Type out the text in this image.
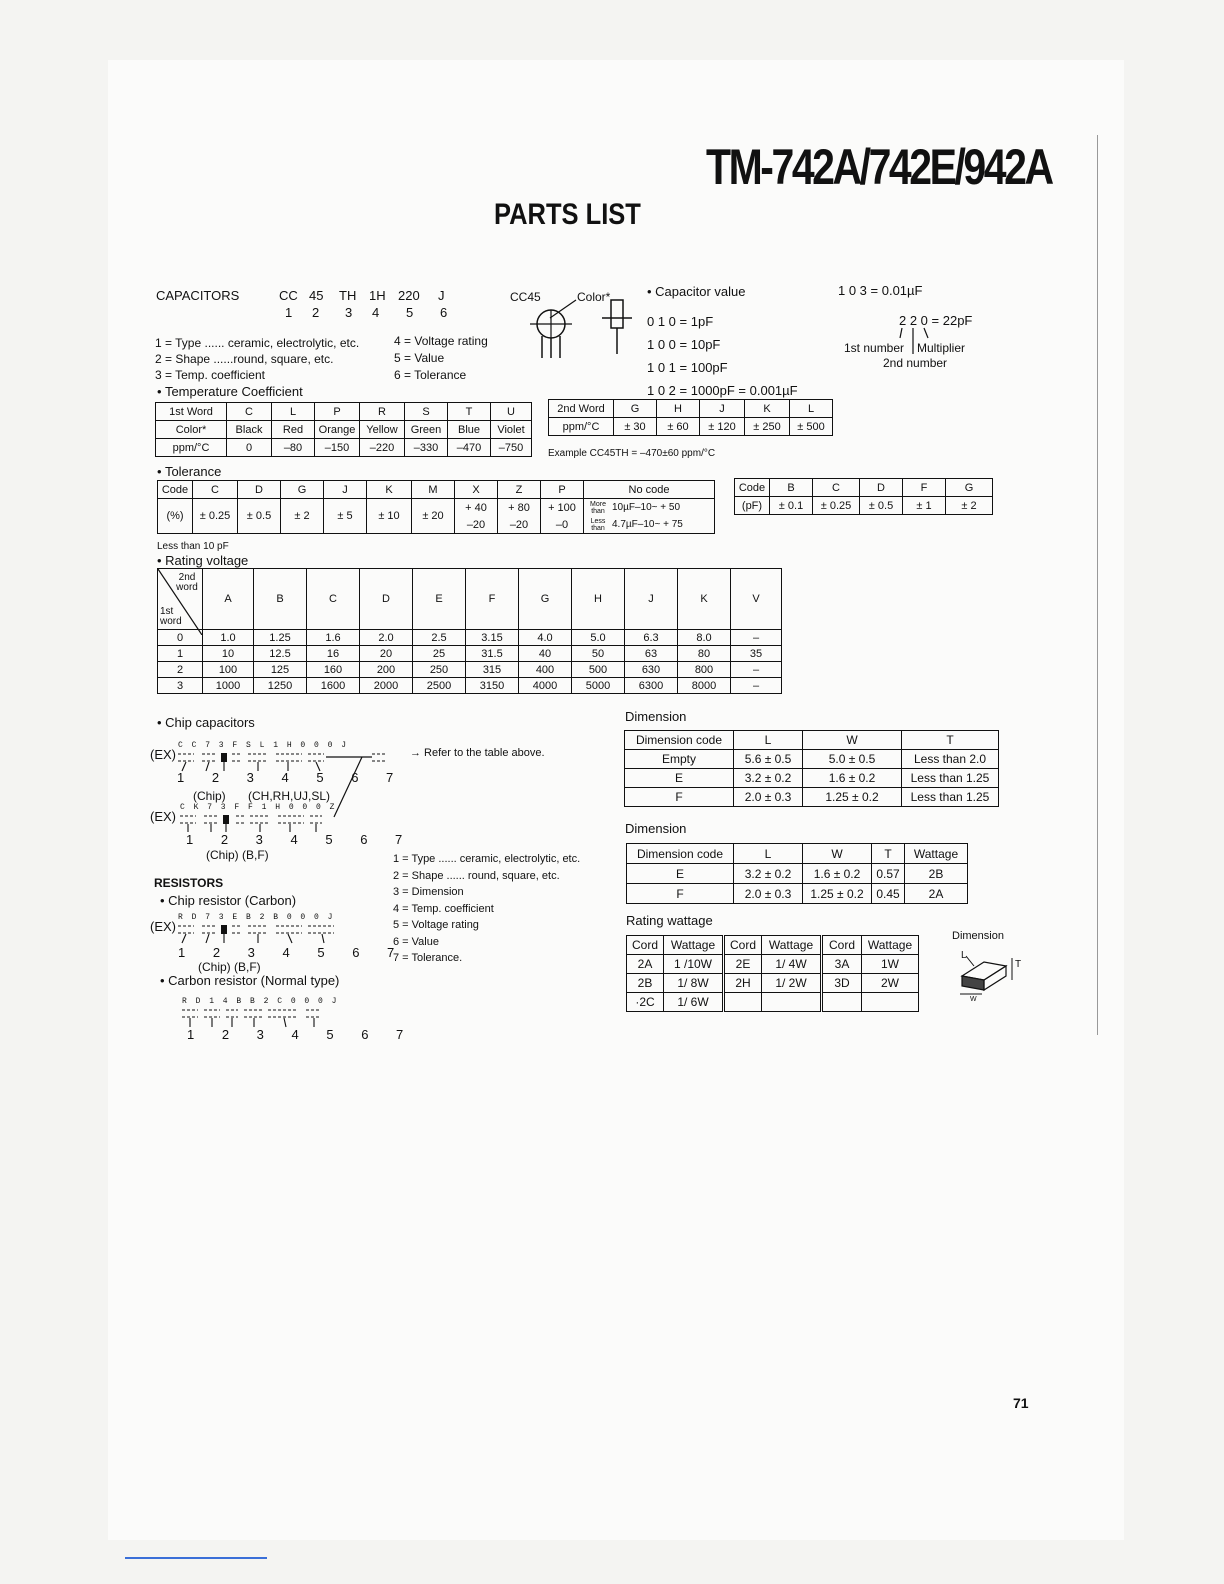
TM-742A/742E/942A
PARTS LIST
CAPACITORS	CC 45 TH 1H 220 J
1 2 3 4 5 6
1 = Type ...... ceramic, electrolytic, etc.
2 = Shape ......round, square, etc.
3 = Temp. coefficient
4 = Voltage rating
5 = Value
6 = Tolerance
CC45	Color*	• Capacitor value
0 1 0 = 1pF
1 0 0 = 10pF
1 0 1 = 100pF
1 0 2 = 1000pF = 0.001µF
1 0 3 = 0.01µF
2 2 0 = 22pF
1st number Multiplier
2nd number
• Temperature Coefficient
1st Word	C	L	P	R	S	T	U
Color*	Black	Red	Orange	Yellow	Green	Blue	Violet
ppm/°C	0	–80	–150	–220	–330	–470	–750
2nd Word	G	H	J	K	L
ppm/°C	± 30	± 60	± 120	± 250	± 500
Example CC45TH = –470±60 ppm/°C
• Tolerance
Code	C	D	G	J	K	M	X	Z	P	No code	
(%)	± 0.25	± 0.5	± 2	± 5	± 10	± 20	+ 40	+ 80	+ 100	More than	10µF–10~ + 50
							–20	–20	–0	Less than	4.7µF–10~ + 75
Code	B	C	D	F	G
(pF)	± 0.1	± 0.25	± 0.5	± 1	± 2
Less than 10 pF
• Rating voltage
2nd word
1st word	A	B	C	D	E	F	G	H	J	K	V
0	1.0	1.25	1.6	2.0	2.5	3.15	4.0	5.0	6.3	8.0	–
1	10	12.5	16	20	25	31.5	40	50	63	80	35
2	100	125	160	200	250	315	400	500	630	800	–
3	1000	1250	1600	2000	2500	3150	4000	5000	6300	8000	–
• Chip capacitors
(EX)
C C 7 3 F S L 1 H 0 0 0 J
→ Refer to the table above.
1 2 3 4 5 6 7
(Chip) (CH,RH,UJ,SL)
(EX)
C K 7 3 F F 1 H 0 0 0 Z
1 2 3 4 5 6 7
(Chip) (B,F)
RESISTORS
• Chip resistor (Carbon)
(EX)
R D 7 3 E B 2 B 0 0 0 J
1 2 3 4 5 6 7
(Chip) (B,F)
• Carbon resistor (Normal type)
R D 1 4 B B 2 C 0 0 0 J
1 2 3 4 5 6 7
1 = Type ...... ceramic, electrolytic, etc.
2 = Shape ...... round, square, etc.
3 = Dimension
4 = Temp. coefficient
5 = Voltage rating
6 = Value
7 = Tolerance.
Dimension
Dimension code	L	W	T
Empty	5.6 ± 0.5	5.0 ± 0.5	Less than 2.0
E	3.2 ± 0.2	1.6 ± 0.2	Less than 1.25
F	2.0 ± 0.3	1.25 ± 0.2	Less than 1.25
Dimension
Dimension code	L	W	T	Wattage
E	3.2 ± 0.2	1.6 ± 0.2	0.57	2B
F	2.0 ± 0.3	1.25 ± 0.2	0.45	2A
Rating wattage
Cord	Wattage	Cord	Wattage	Cord	Wattage
2A	1 /10W	2E	1/ 4W	3A	1W
2B	1/ 8W	2H	1/ 2W	3D	2W
·2C	1/ 6W				
Dimension
L
T
W
71
